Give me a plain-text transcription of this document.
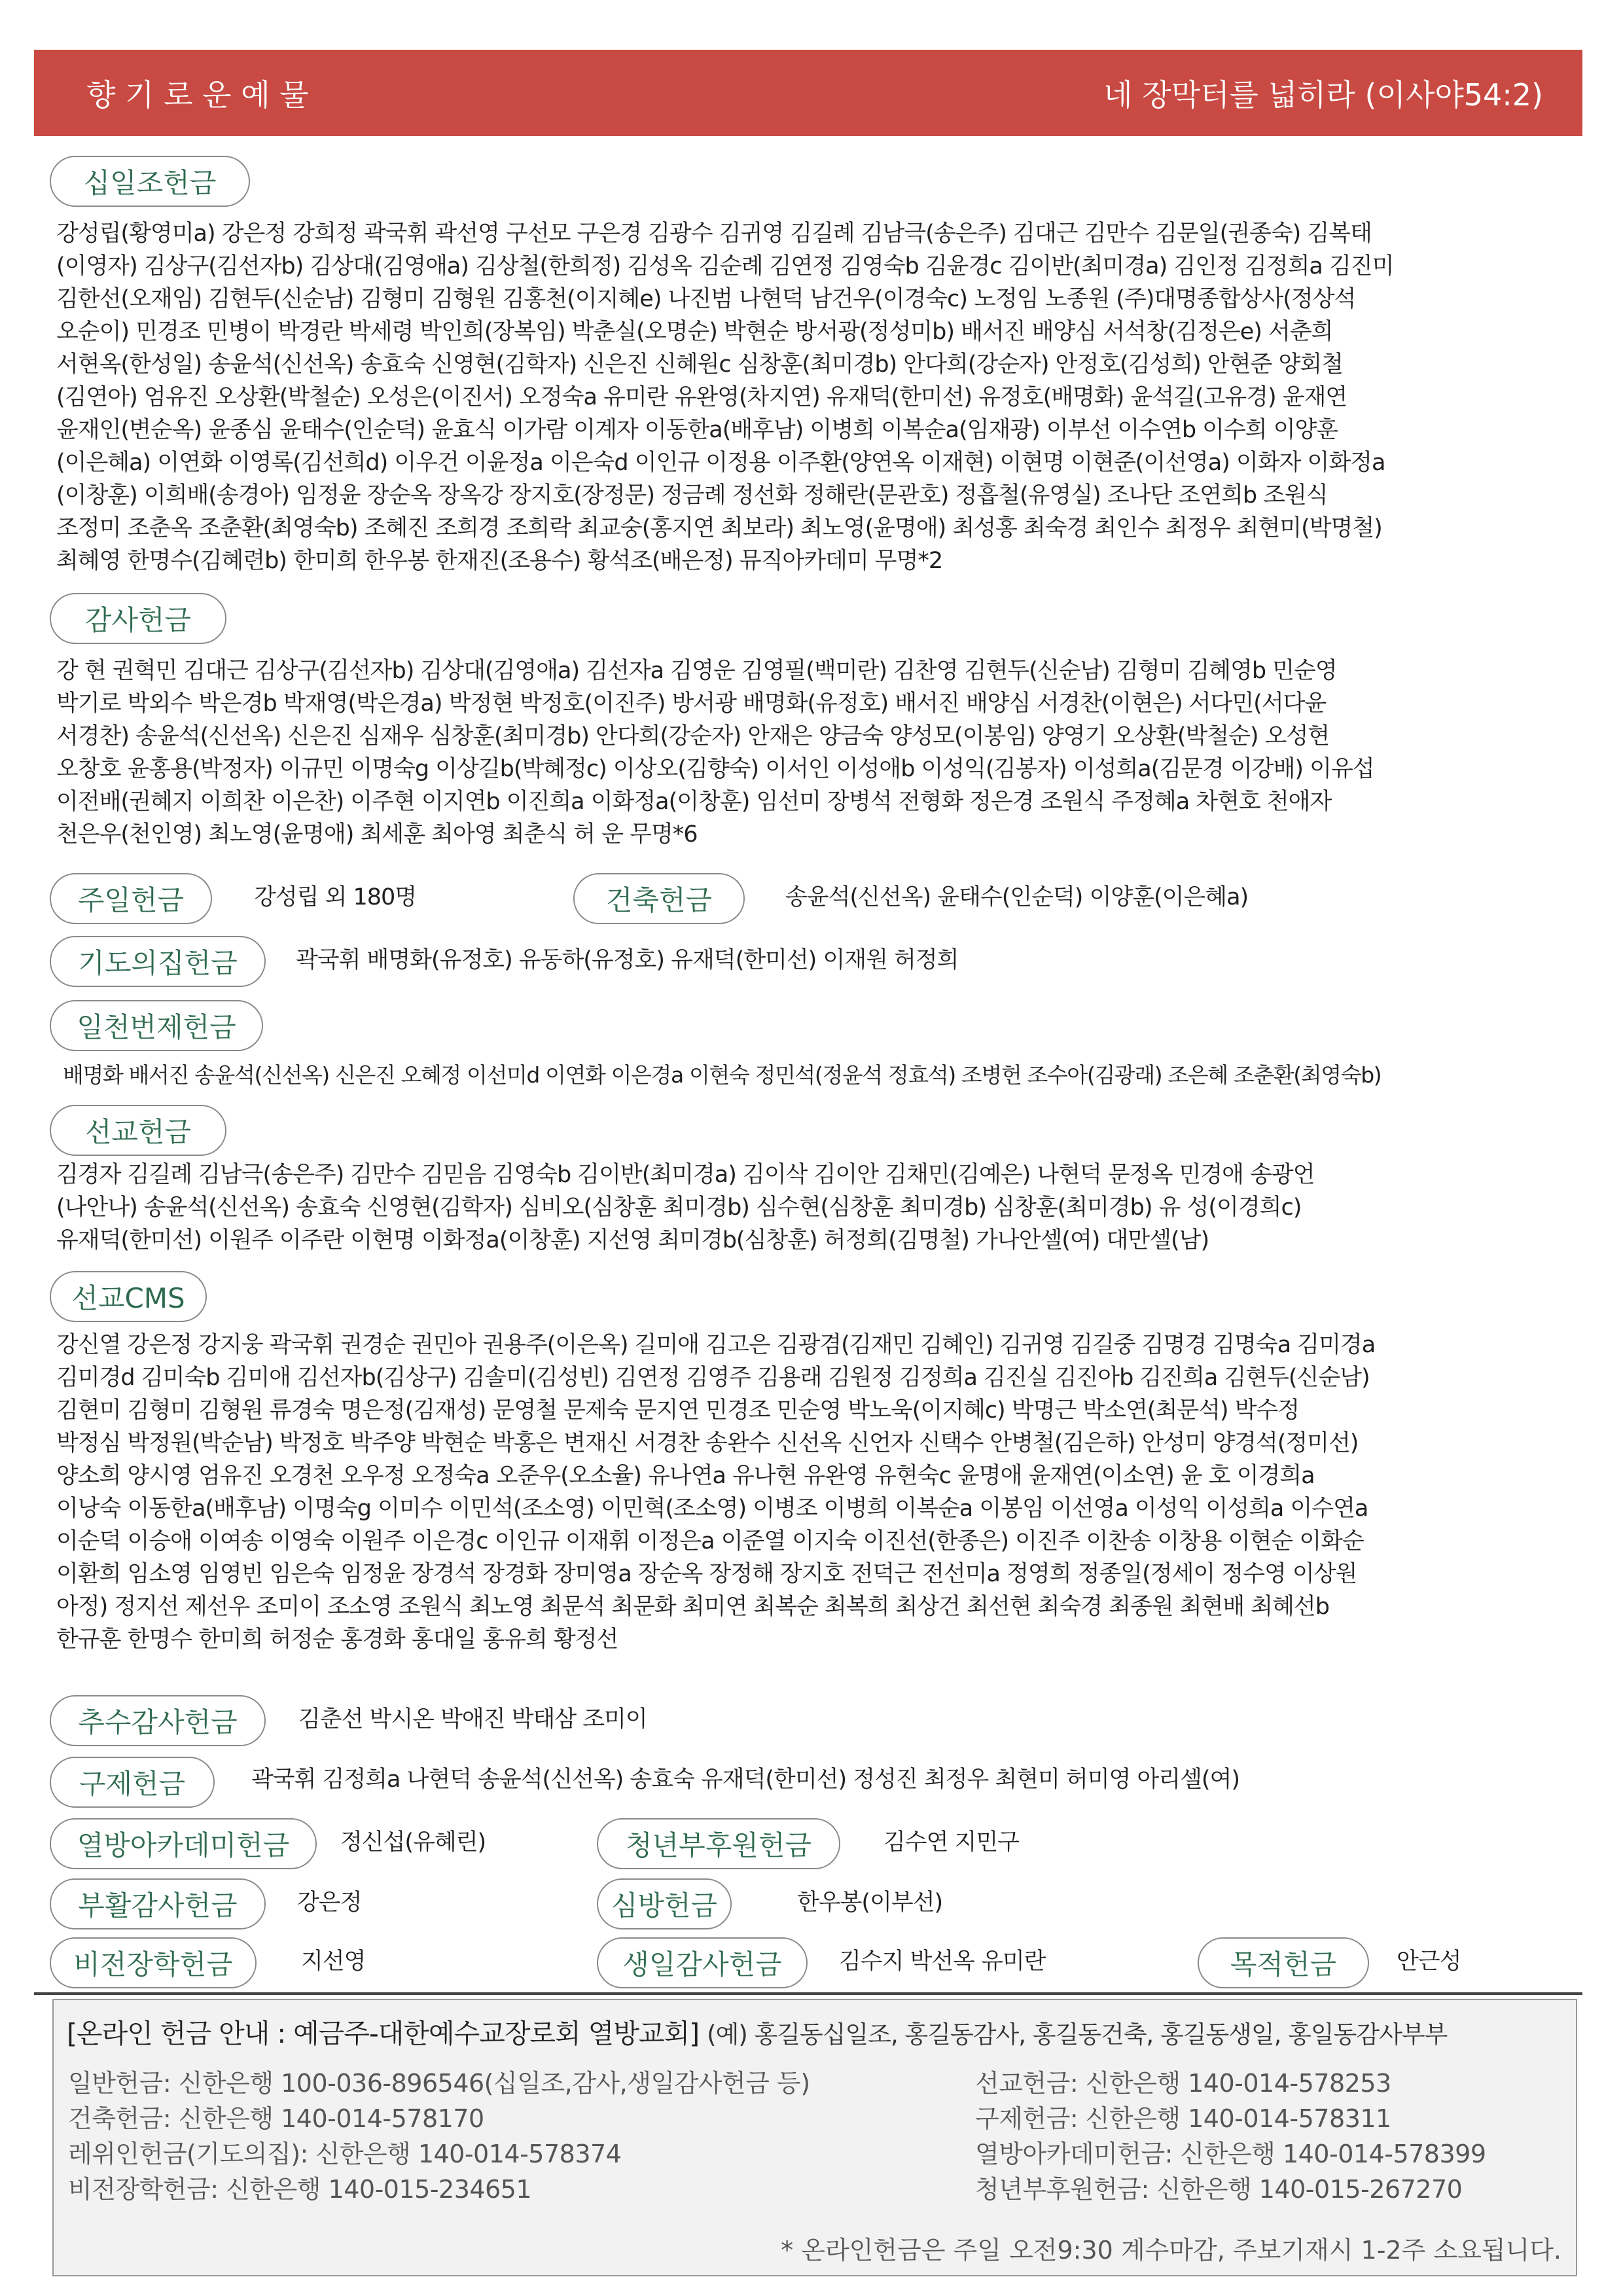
향 기 로 운 예 물	네 장막터를 넓히라 (이사야54:2)
십일조헌금

강성립(황영미a) 강은정 강희정 곽국휘 곽선영 구선모 구은경 김광수 김귀영 김길례 김남극(송은주) 김대근 김만수 김문일(권종숙) 김복태
(이영자) 김상구(김선자b) 김상대(김영애a) 김상철(한희정) 김성옥 김순례 김연정 김영숙b 김윤경c 김이반(최미경a) 김인정 김정희a 김진미
김한선(오재임) 김현두(신순남) 김형미 김형원 김홍천(이지혜e) 나진범 나현덕 남건우(이경숙c) 노정임 노종원 (주)대명종합상사(정상석
오순이) 민경조 민병이 박경란 박세령 박인희(장복임) 박춘실(오명순) 박현순 방서광(정성미b) 배서진 배양심 서석창(김정은e) 서춘희
서현옥(한성일) 송윤석(신선옥) 송효숙 신영현(김학자) 신은진 신혜원c 심창훈(최미경b) 안다희(강순자) 안정호(김성희) 안현준 양회철
(김연아) 엄유진 오상환(박철순) 오성은(이진서) 오정숙a 유미란 유완영(차지연) 유재덕(한미선) 유정호(배명화) 윤석길(고유경) 윤재연
윤재인(변순옥) 윤종심 윤태수(인순덕) 윤효식 이가람 이계자 이동한a(배후남) 이병희 이복순a(임재광) 이부선 이수연b 이수희 이양훈
(이은혜a) 이연화 이영록(김선희d) 이우건 이윤정a 이은숙d 이인규 이정용 이주환(양연옥 이재현) 이현명 이현준(이선영a) 이화자 이화정a
(이창훈) 이희배(송경아) 임정윤 장순옥 장옥강 장지호(장정문) 정금례 정선화 정해란(문관호) 정흡철(유영실) 조나단 조연희b 조원식
조정미 조춘옥 조춘환(최영숙b) 조혜진 조희경 조희락 최교숭(홍지연 최보라) 최노영(윤명애) 최성홍 최숙경 최인수 최정우 최현미(박명철)
최혜영 한명수(김혜련b) 한미희 한우봉 한재진(조용수) 황석조(배은정) 뮤직아카데미 무명*2

감사헌금

강 현 권혁민 김대근 김상구(김선자b) 김상대(김영애a) 김선자a 김영운 김영필(백미란) 김찬영 김현두(신순남) 김형미 김혜영b 민순영
박기로 박외수 박은경b 박재영(박은경a) 박정현 박정호(이진주) 방서광 배명화(유정호) 배서진 배양심 서경찬(이현은) 서다민(서다윤
서경찬) 송윤석(신선옥) 신은진 심재우 심창훈(최미경b) 안다희(강순자) 안재은 양금숙 양성모(이봉임) 양영기 오상환(박철순) 오성현
오창호 윤홍용(박정자) 이규민 이명숙g 이상길b(박혜정c) 이상오(김향숙) 이서인 이성애b 이성익(김봉자) 이성희a(김문경 이강배) 이유섭
이전배(권혜지 이희찬 이은찬) 이주현 이지연b 이진희a 이화정a(이창훈) 임선미 장병석 전형화 정은경 조원식 주정혜a 차현호 천애자
천은우(천인영) 최노영(윤명애) 최세훈 최아영 최춘식 허 운 무명*6

주일헌금	강성립 외 180명	건축헌금	송윤석(신선옥) 윤태수(인순덕) 이양훈(이은혜a)
기도의집헌금	곽국휘 배명화(유정호) 유동하(유정호) 유재덕(한미선) 이재원 허정희
일천번제헌금
배명화 배서진 송윤석(신선옥) 신은진 오혜정 이선미d 이연화 이은경a 이현숙 정민석(정윤석 정효석) 조병헌 조수아(김광래) 조은혜 조춘환(최영숙b)
선교헌금

김경자 김길례 김남극(송은주) 김만수 김믿음 김영숙b 김이반(최미경a) 김이삭 김이안 김채민(김예은) 나현덕 문정옥 민경애 송광언
(나안나) 송윤석(신선옥) 송효숙 신영현(김학자) 심비오(심창훈 최미경b) 심수현(심창훈 최미경b) 심창훈(최미경b) 유 성(이경희c)
유재덕(한미선) 이원주 이주란 이현명 이화정a(이창훈) 지선영 최미경b(심창훈) 허정희(김명철) 가나안셀(여) 대만셀(남)

선교CMS

강신열 강은정 강지웅 곽국휘 권경순 권민아 권용주(이은옥) 길미애 김고은 김광겸(김재민 김혜인) 김귀영 김길중 김명경 김명숙a 김미경a
김미경d 김미숙b 김미애 김선자b(김상구) 김솔미(김성빈) 김연정 김영주 김용래 김원정 김정희a 김진실 김진아b 김진희a 김현두(신순남)
김현미 김형미 김형원 류경숙 명은정(김재성) 문영철 문제숙 문지연 민경조 민순영 박노욱(이지혜c) 박명근 박소연(최문석) 박수정
박정심 박정원(박순남) 박정호 박주양 박현순 박홍은 변재신 서경찬 송완수 신선옥 신언자 신택수 안병철(김은하) 안성미 양경석(정미선)
양소희 양시영 엄유진 오경천 오우정 오정숙a 오준우(오소율) 유나연a 유나현 유완영 유현숙c 윤명애 윤재연(이소연) 윤 호 이경희a
이낭숙 이동한a(배후남) 이명숙g 이미수 이민석(조소영) 이민혁(조소영) 이병조 이병희 이복순a 이봉임 이선영a 이성익 이성희a 이수연a
이순덕 이승애 이여송 이영숙 이원주 이은경c 이인규 이재휘 이정은a 이준열 이지숙 이진선(한종은) 이진주 이찬송 이창용 이현순 이화순
이환희 임소영 임영빈 임은숙 임정윤 장경석 장경화 장미영a 장순옥 장정해 장지호 전덕근 전선미a 정영희 정종일(정세이 정수영 이상원
아정) 정지선 제선우 조미이 조소영 조원식 최노영 최문석 최문화 최미연 최복순 최복희 최상건 최선현 최숙경 최종원 최현배 최혜선b
한규훈 한명수 한미희 허정순 홍경화 홍대일 홍유희 황정선

추수감사헌금	김춘선 박시온 박애진 박태삼 조미이
구제헌금	곽국휘 김정희a 나현덕 송윤석(신선옥) 송효숙 유재덕(한미선) 정성진 최정우 최현미 허미영 아리셀(여)
열방아카데미헌금	정신섭(유혜린)	청년부후원헌금	김수연 지민구
부활감사헌금	강은정	심방헌금	한우봉(이부선)
비전장학헌금	지선영	생일감사헌금	김수지 박선옥 유미란	목적헌금	안근성
[온라인 헌금 안내 : 예금주-대한예수교장로회 열방교회] (예) 홍길동십일조, 홍길동감사, 홍길동건축, 홍길동생일, 홍일동감사부부
일반헌금: 신한은행 100-036-896546(십일조,감사,생일감사헌금 등)
건축헌금: 신한은행 140-014-578170
레위인헌금(기도의집): 신한은행 140-014-578374
비전장학헌금: 신한은행 140-015-234651
선교헌금: 신한은행 140-014-578253
구제헌금: 신한은행 140-014-578311
열방아카데미헌금: 신한은행 140-014-578399
청년부후원헌금: 신한은행 140-015-267270
* 온라인헌금은 주일 오전9:30 계수마감, 주보기재시 1-2주 소요됩니다.
